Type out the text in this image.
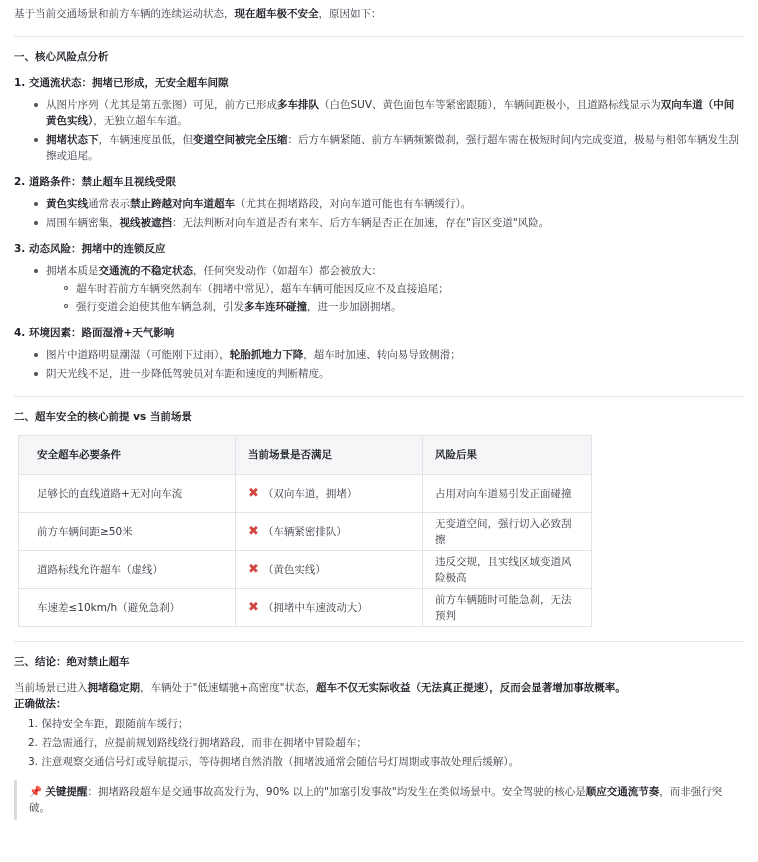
基于当前交通场景和前方车辆的连续运动状态，现在超车极不安全，原因如下：

一、核心风险点分析

1. 交通流状态：拥堵已形成，无安全超车间隙

从图片序列（尤其是第五张图）可见，前方已形成多车排队（白色SUV、黄色面包车等紧密跟随），车辆间距极小，且道路标线显示为双向车道（中间黄色实线），无独立超车车道。
拥堵状态下，车辆速度虽低，但变道空间被完全压缩：后方车辆紧随、前方车辆频繁微刹，强行超车需在极短时间内完成变道，极易与相邻车辆发生刮擦或追尾。

2. 道路条件：禁止超车且视线受限

黄色实线通常表示禁止跨越对向车道超车（尤其在拥堵路段，对向车道可能也有车辆缓行）。
周围车辆密集，视线被遮挡：无法判断对向车道是否有来车、后方车辆是否正在加速，存在"盲区变道"风险。

3. 动态风险：拥堵中的连锁反应

拥堵本质是交通流的不稳定状态，任何突发动作（如超车）都会被放大：
超车时若前方车辆突然刹车（拥堵中常见），超车车辆可能因反应不及直接追尾；
强行变道会迫使其他车辆急刹，引发多车连环碰撞，进一步加剧拥堵。

4. 环境因素：路面湿滑+天气影响

图片中道路明显潮湿（可能刚下过雨），轮胎抓地力下降，超车时加速、转向易导致侧滑；
阴天光线不足，进一步降低驾驶员对车距和速度的判断精度。
二、超车安全的核心前提 vs 当前场景
安全超车必要条件	当前场景是否满足	风险后果
足够长的直线道路+无对向车流	✖ （双向车道，拥堵）	占用对向车道易引发正面碰撞
前方车辆间距≥50米	✖ （车辆紧密排队）	无变道空间，强行切入必致刮擦
道路标线允许超车（虚线）	✖ （黄色实线）	违反交规，且实线区域变道风险极高
车速差≤10km/h（避免急刹）	✖ （拥堵中车速波动大）	前方车辆随时可能急刹，无法预判
三、结论：绝对禁止超车

当前场景已进入拥堵稳定期，车辆处于"低速蠕驰+高密度"状态，超车不仅无实际收益（无法真正提速），反而会显著增加事故概率。

正确做法：

1. 保持安全车距，跟随前车缓行；
2. 若急需通行，应提前规划路线绕行拥堵路段，而非在拥堵中冒险超车；
3. 注意观察交通信号灯或导航提示，等待拥堵自然消散（拥堵波通常会随信号灯周期或事故处理后缓解）。
📌 关键提醒：拥堵路段超车是交通事故高发行为，90% 以上的"加塞引发事故"均发生在类似场景中。安全驾驶的核心是顺应交通流节奏，而非强行突破。
